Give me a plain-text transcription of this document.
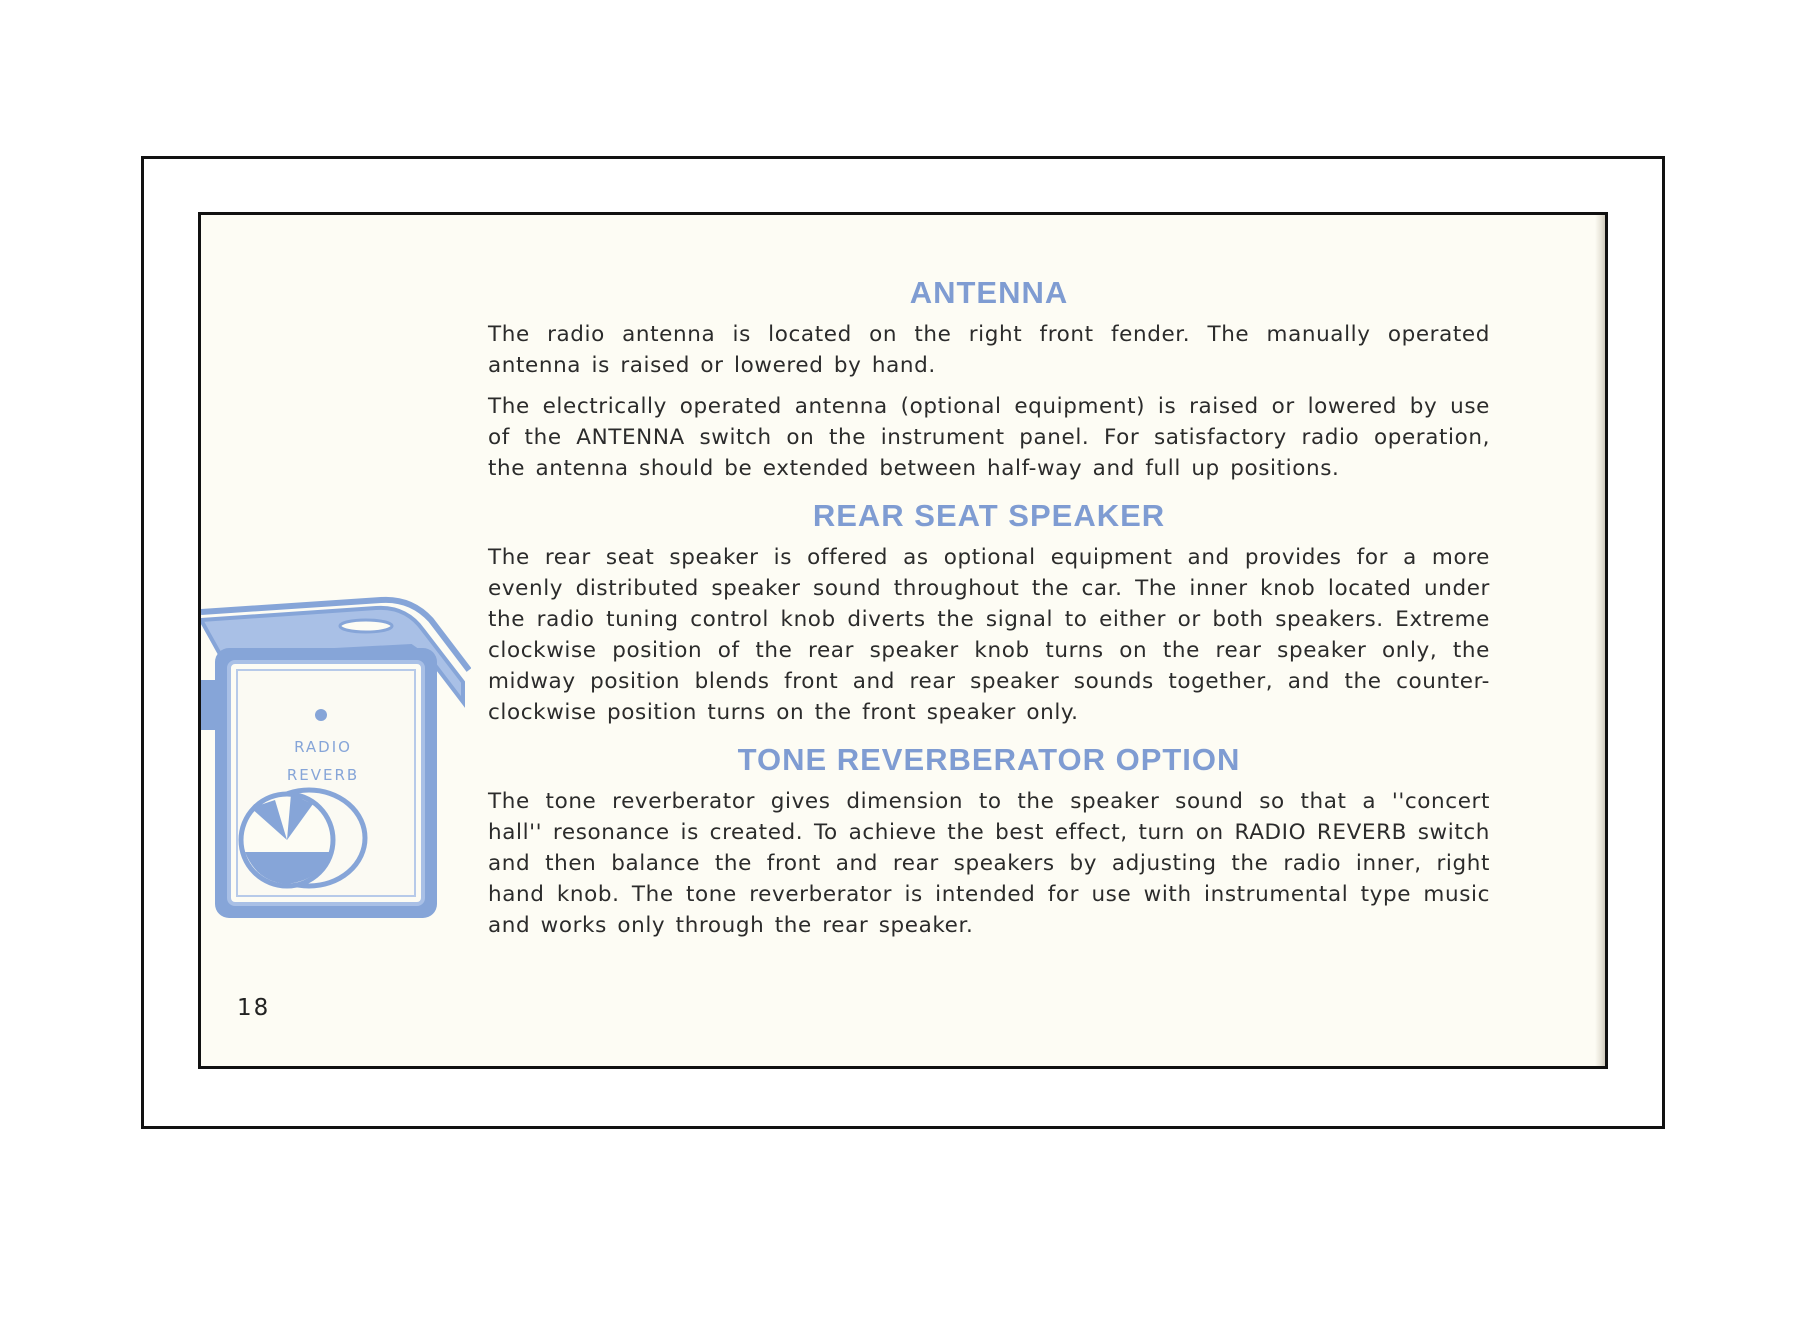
RADIO
REVERB
ANTENNA

The radio antenna is located on the right front fender. The manually operated antenna is raised or lowered by hand.

The electrically operated antenna (optional equipment) is raised or lowered by use of the ANTENNA switch on the instrument panel. For satisfactory radio operation, the antenna should be extended between half-way and full up positions.

REAR SEAT SPEAKER

The rear seat speaker is offered as optional equipment and provides for a more evenly distributed speaker sound throughout the car. The inner knob located under the radio tuning control knob diverts the signal to either or both speakers. Extreme clockwise position of the rear speaker knob turns on the rear speaker only, the midway position blends front and rear speaker sounds together, and the counter-clockwise position turns on the front speaker only.

TONE REVERBERATOR OPTION

The tone reverberator gives dimension to the speaker sound so that a ''concert hall'' resonance is created. To achieve the best effect, turn on RADIO REVERB switch and then balance the front and rear speakers by adjusting the radio inner, right hand knob. The tone reverberator is intended for use with instrumental type music and works only through the rear speaker.

18
